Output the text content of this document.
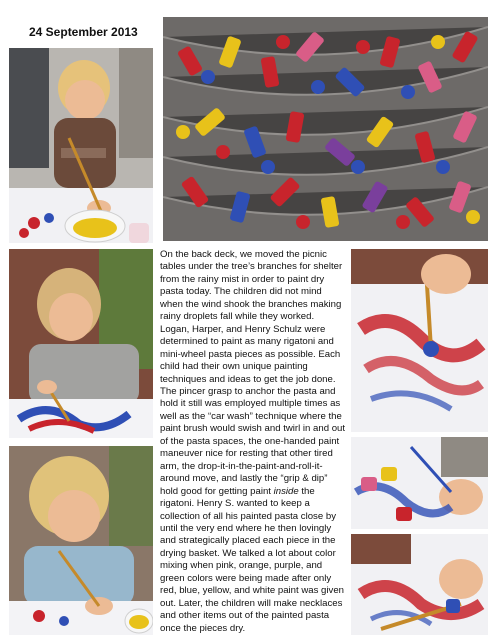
24 September 2013
On the back deck, we moved the picnic tables under the tree’s branches for shelter from the rainy mist in order to paint dry pasta today. The children did not mind when the wind shook the branches making rainy droplets fall while they worked. Logan, Harper, and Henry Schulz were determined to paint as many rigatoni and mini-wheel pasta pieces as possible. Each child had their own unique painting techniques and ideas to get the job done. The pincer grasp to anchor the pasta and hold it still was employed multiple times as well as the “car wash” technique where the paint brush would swish and twirl in and out of the pasta spaces, the one-handed paint maneuver nice for resting that other tired arm, the drop-it-in-the-paint-and-roll-it-around move, and lastly the “grip & dip” hold good for getting paint inside the rigatoni. Henry S. wanted to keep a collection of all his painted pasta close by until the very end where he then lovingly and strategically placed each piece in the drying basket. We talked a lot about color mixing when pink, orange, purple, and green colors were being made after only red, blue, yellow, and white paint was given out. Later, the children will make necklaces and other items out of the painted pasta once the pieces dry.
